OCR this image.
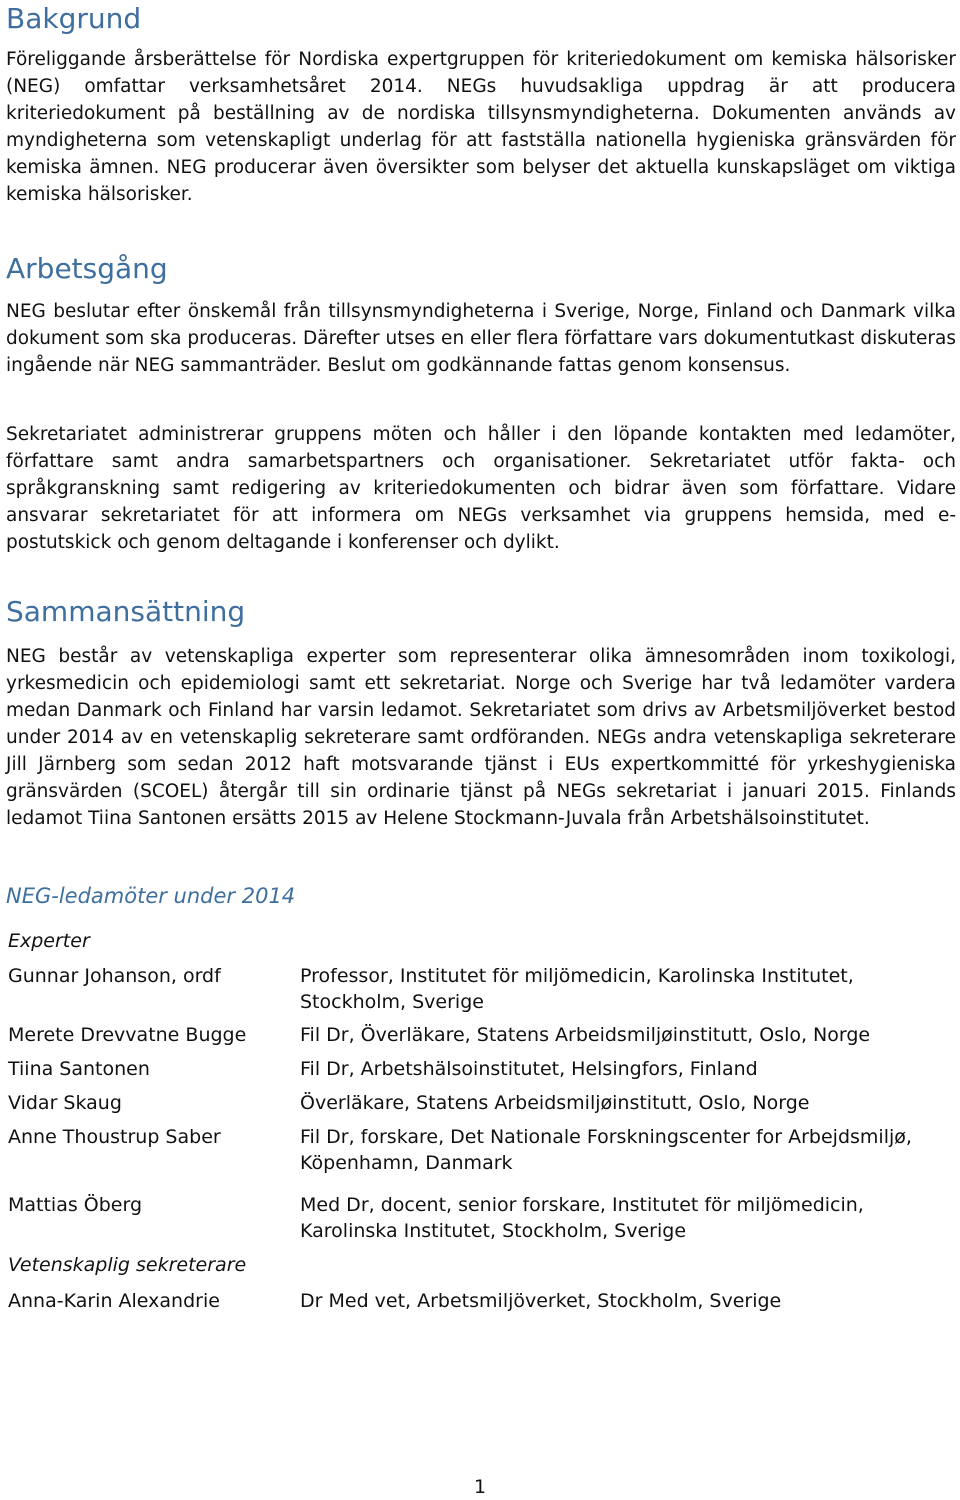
Bakgrund

Föreliggande årsberättelse för Nordiska expertgruppen för kriteriedokument om kemiska hälsorisker (NEG) omfattar verksamhetsåret 2014. NEGs huvudsakliga uppdrag är att producera kriteriedokument på beställning av de nordiska tillsynsmyndigheterna. Dokumenten används av myndigheterna som vetenskapligt underlag för att fastställa nationella hygieniska gränsvärden för kemiska ämnen. NEG producerar även översikter som belyser det aktuella kunskapsläget om viktiga kemiska hälsorisker.

Arbetsgång

NEG beslutar efter önskemål från tillsynsmyndigheterna i Sverige, Norge, Finland och Danmark vilka dokument som ska produceras. Därefter utses en eller flera författare vars dokumentutkast diskuteras ingående när NEG sammanträder. Beslut om godkännande fattas genom konsensus.

Sekretariatet administrerar gruppens möten och håller i den löpande kontakten med ledamöter, författare samt andra samarbetspartners och organisationer. Sekretariatet utför fakta- och språkgranskning samt redigering av kriteriedokumenten och bidrar även som författare. Vidare ansvarar sekretariatet för att informera om NEGs verksamhet via gruppens hemsida, med e-postutskick och genom deltagande i konferenser och dylikt.

Sammansättning

NEG består av vetenskapliga experter som representerar olika ämnesområden inom toxikologi, yrkesmedicin och epidemiologi samt ett sekretariat. Norge och Sverige har två ledamöter vardera medan Danmark och Finland har varsin ledamot. Sekretariatet som drivs av Arbetsmiljöverket bestod under 2014 av en vetenskaplig sekreterare samt ordföranden. NEGs andra vetenskapliga sekreterare Jill Järnberg som sedan 2012 haft motsvarande tjänst i EUs expertkommitté för yrkeshygieniska gränsvärden (SCOEL) återgår till sin ordinarie tjänst på NEGs sekretariat i januari 2015. Finlands ledamot Tiina Santonen ersätts 2015 av Helene Stockmann-Juvala från Arbetshälsoinstitutet.

NEG-ledamöter under 2014
Experter
Gunnar Johanson, ordf	Professor, Institutet för miljömedicin, Karolinska Institutet, Stockholm, Sverige
Merete Drevvatne Bugge	Fil Dr, Överläkare, Statens Arbeidsmiljøinstitutt, Oslo, Norge
Tiina Santonen	Fil Dr, Arbetshälsoinstitutet, Helsingfors, Finland
Vidar Skaug	Överläkare, Statens Arbeidsmiljøinstitutt, Oslo, Norge
Anne Thoustrup Saber	Fil Dr, forskare, Det Nationale Forskningscenter for Arbejdsmiljø, Köpenhamn, Danmark
Mattias Öberg	Med Dr, docent, senior forskare, Institutet för miljömedicin, Karolinska Institutet, Stockholm, Sverige
Vetenskaplig sekreterare
Anna-Karin Alexandrie	Dr Med vet, Arbetsmiljöverket, Stockholm, Sverige
1
